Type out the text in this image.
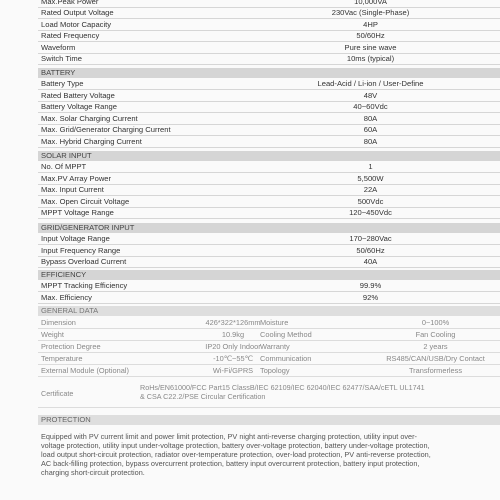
Max.Peak Power	10,000VA
Rated Output Voltage	230Vac (Single-Phase)
Load Motor Capacity	4HP
Rated Frequency	50/60Hz
Waveform	Pure sine wave
Switch Time	10ms (typical)
BATTERY
Battery Type	Lead-Acid / Li-ion / User-Define
Rated Battery Voltage	48V
Battery Voltage Range	40~60Vdc
Max. Solar Charging Current	80A
Max. Grid/Generator Charging Current	60A
Max. Hybrid Charging Current	80A
SOLAR INPUT
No. Of MPPT	1
Max.PV Array Power	5,500W
Max. Input Current	22A
Max. Open Circuit Voltage	500Vdc
MPPT Voltage Range	120~450Vdc
GRID/GENERATOR INPUT
Input Voltage Range	170~280Vac
Input Frequency Range	50/60Hz
Bypass Overload Current	40A
EFFICIENCY
MPPT Tracking Efficiency	99.9%
Max. Efficiency	92%
GENERAL DATA
Dimension	426*322*126mm Moisture	0~100%
Weight	10.9kg	Cooling Method	Fan Cooling
Protection Degree	IP20 Only Indoor Warranty	2 years
Temperature	-10℃~55℃ Communication	RS485/CAN/USB/Dry Contact
External Module (Optional)	Wi-Fi/GPRS Topology	Transformerless
Certificate
RoHs/EN61000/FCC Part15 ClassB/IEC 62109/IEC 62040/IEC 62477/SAA/cETL UL1741
& CSA C22.2/PSE Circular Certification
PROTECTION
Equipped with PV current limit and power limit protection, PV night anti-reverse charging protection, utility input over-
voltage protection, utility input under-voltage protection, battery over-voltage protection, battery under-voltage protection,
load output short-circuit protection, radiator over-temperature protection, over-load protection, PV anti-reverse protection,
AC back-filling protection, bypass overcurrent protection, battery input overcurrent protection, battery input protection,
charging short-circuit protection.
